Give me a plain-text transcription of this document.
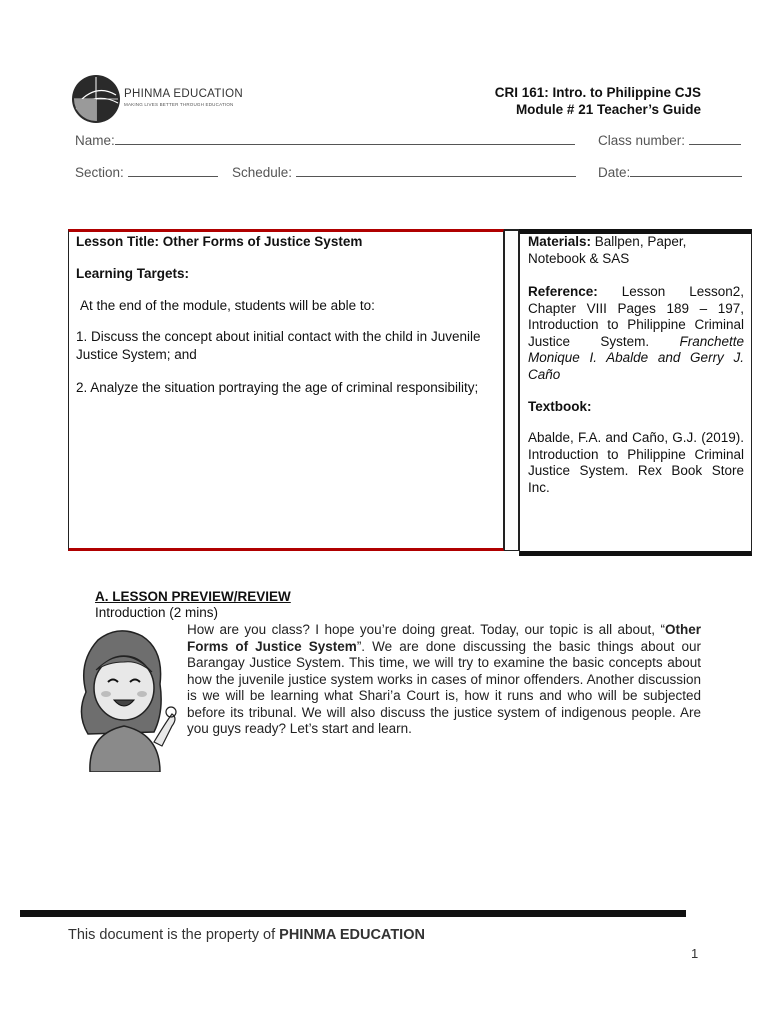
PHINMA EDUCATION
MAKING LIVES BETTER THROUGH EDUCATION
CRI 161: Intro. to Philippine CJS
Module # 21 Teacher’s Guide
Name:	Class number:
Section:	Schedule:	Date:
Lesson Title: Other Forms of Justice System
Learning Targets:
At the end of the module, students will be able to:
1. Discuss the concept about initial contact with the child in Juvenile Justice System; and
2. Analyze the situation portraying the age of criminal responsibility;
Materials: Ballpen, Paper, Notebook & SAS
Reference: Lesson Lesson2, Chapter VIII Pages 189 – 197, Introduction to Philippine Criminal Justice System. Franchette Monique I. Abalde and Gerry J. Caño
Textbook:
Abalde, F.A. and Caño, G.J. (2019). Introduction to Philippine Criminal Justice System. Rex Book Store Inc.
A. LESSON PREVIEW/REVIEW
Introduction (2 mins)
How are you class? I hope you’re doing great. Today, our topic is all about, “Other Forms of Justice System”. We are done discussing the basic things about our Barangay Justice System. This time, we will try to examine the basic concepts about how the juvenile justice system works in cases of minor offenders. Another discussion is we will be learning what Shari’a Court is, how it runs and who will be subjected before its tribunal. We will also discuss the justice system of indigenous people. Are you guys ready? Let’s start and learn.
This document is the property of PHINMA EDUCATION
1
